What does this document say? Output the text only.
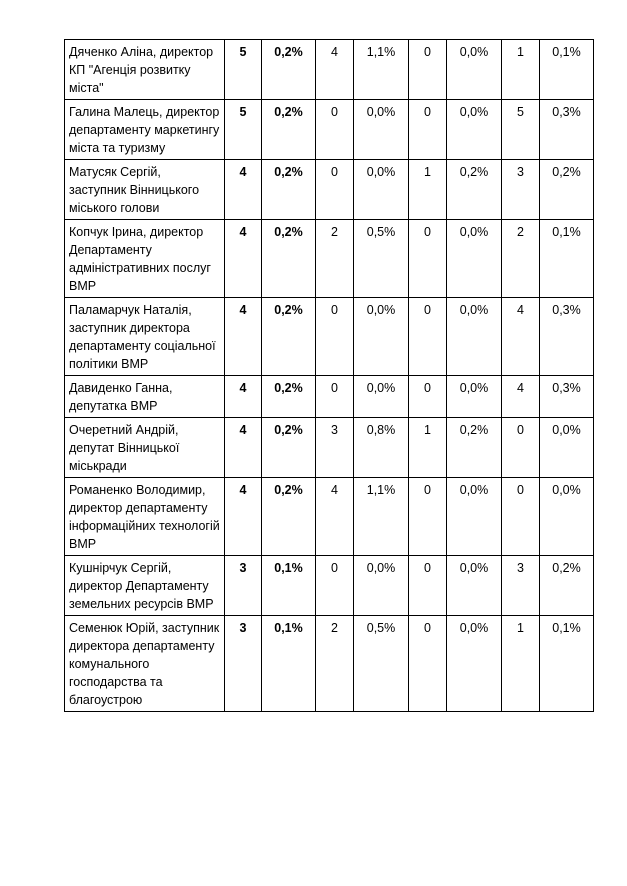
Дяченко Аліна, директор КП "Агенція розвитку міста"	5	0,2%	4	1,1%	0	0,0%	1	0,1%
Галина Малець, директор департаменту маркетингу міста та туризму	5	0,2%	0	0,0%	0	0,0%	5	0,3%
Матусяк Сергій, заступник Вінницького міського голови	4	0,2%	0	0,0%	1	0,2%	3	0,2%
Копчук Ірина, директор Департаменту адміністративних послуг ВМР	4	0,2%	2	0,5%	0	0,0%	2	0,1%
Паламарчук Наталія, заступник директора департаменту соціальної політики ВМР	4	0,2%	0	0,0%	0	0,0%	4	0,3%
Давиденко Ганна, депутатка ВМР	4	0,2%	0	0,0%	0	0,0%	4	0,3%
Очеретний Андрій, депутат Вінницької міськради	4	0,2%	3	0,8%	1	0,2%	0	0,0%
Романенко Володимир, директор департаменту інформаційних технологій ВМР	4	0,2%	4	1,1%	0	0,0%	0	0,0%
Кушнірчук Сергій, директор Департаменту земельних ресурсів ВМР	3	0,1%	0	0,0%	0	0,0%	3	0,2%
Семенюк Юрій, заступник директора департаменту комунального господарства та благоустрою	3	0,1%	2	0,5%	0	0,0%	1	0,1%
